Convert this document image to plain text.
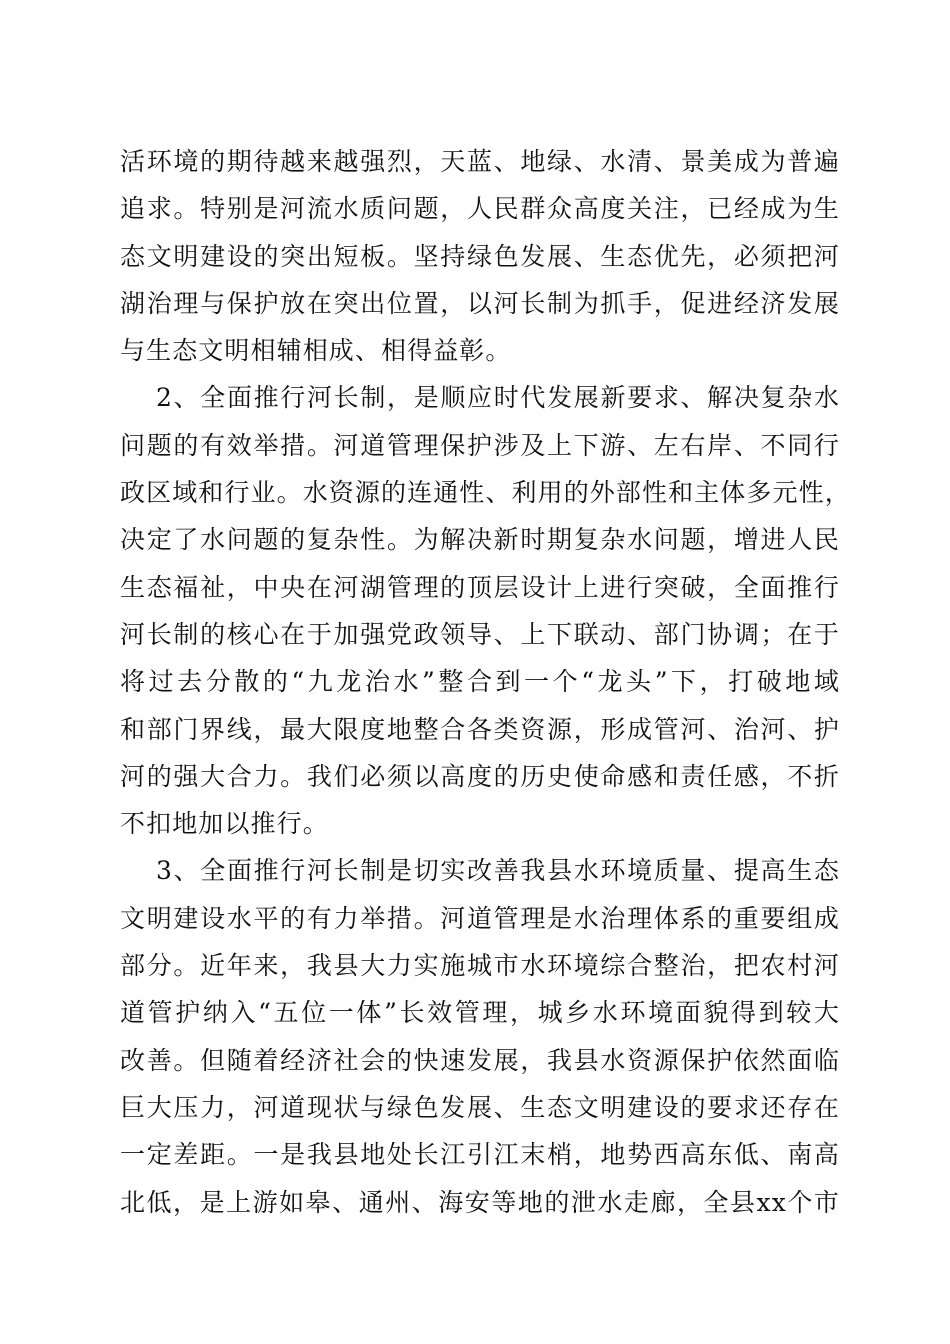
活环境的期待越来越强烈，天蓝、地绿、水清、景美成为普遍
追求。特别是河流水质问题，人民群众高度关注，已经成为生
态文明建设的突出短板。坚持绿色发展、生态优先，必须把河
湖治理与保护放在突出位置，以河长制为抓手，促进经济发展
与生态文明相辅相成、相得益彰。
2、全面推行河长制，是顺应时代发展新要求、解决复杂水
问题的有效举措。河道管理保护涉及上下游、左右岸、不同行
政区域和行业。水资源的连通性、利用的外部性和主体多元性，
决定了水问题的复杂性。为解决新时期复杂水问题，增进人民
生态福祉，中央在河湖管理的顶层设计上进行突破，全面推行
河长制的核心在于加强党政领导、上下联动、部门协调；在于
将过去分散的“九龙治水”整合到一个“龙头”下，打破地域
和部门界线，最大限度地整合各类资源，形成管河、治河、护
河的强大合力。我们必须以高度的历史使命感和责任感，不折
不扣地加以推行。
3、全面推行河长制是切实改善我县水环境质量、提高生态
文明建设水平的有力举措。河道管理是水治理体系的重要组成
部分。近年来，我县大力实施城市水环境综合整治，把农村河
道管护纳入“五位一体”长效管理，城乡水环境面貌得到较大
改善。但随着经济社会的快速发展，我县水资源保护依然面临
巨大压力，河道现状与绿色发展、生态文明建设的要求还存在
一定差距。一是我县地处长江引江末梢，地势西高东低、南高
北低，是上游如皋、通州、海安等地的泄水走廊，全县xx个市
